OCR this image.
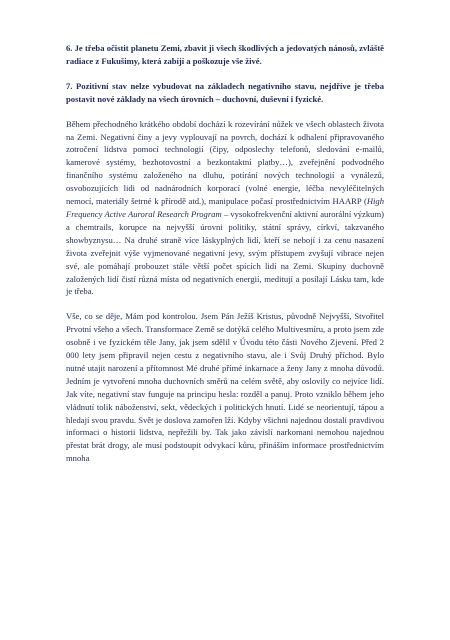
6. Je třeba očistit planetu Zemi, zbavit ji všech škodlivých a jedovatých nánosů, zvláště radiace z Fukušimy, která zabíjí a poškozuje vše živé.

7. Pozitivní stav nelze vybudovat na základech negativního stavu, nejdříve je třeba postavit nové základy na všech úrovních – duchovní, duševní i fyzické.

Během přechodného krátkého období dochází k rozevírání nůžek ve všech oblastech života na Zemi. Negativní činy a jevy vyplouvají na povrch, dochází k odhalení připravovaného zotročení lidstva pomocí technologií (čipy, odposlechy telefonů, sledování e-mailů, kamerové systémy, bezhotovostní a bezkontaktní platby…), zveřejnění podvodného finančního systému založeného na dluhu, potírání nových technologií a vynálezů, osvobozujících lidi od nadnárodních korporací (volné energie, léčba nevyléčitelných nemocí, materiály šetrné k přírodě atd.), manipulace počasí prostřednictvím HAARP (High Frequency Active Auroral Research Program – vysokofrekvenční aktivní aurorální výzkum) a chemtrails, korupce na nejvyšší úrovni politiky, státní správy, církví, takzvaného showbyznysu… Na druhé straně více láskyplných lidí, kteří se nebojí i za cenu nasazení života zveřejnit výše vyjmenované negativní jevy, svým přístupem zvyšují vibrace nejen své, ale pomáhají probouzet stále větší počet spících lidí na Zemi. Skupiny duchovně založených lidí čistí různá místa od negativních energií, meditují a posílají Lásku tam, kde je třeba.

Vše, co se děje, Mám pod kontrolou. Jsem Pán Ježíš Kristus, původně Nejvyšší, Stvořitel Prvotní všeho a všech. Transformace Země se dotýká celého Multivesmíru, a proto jsem zde osobně i ve fyzickém těle Jany, jak jsem sdělil v Úvodu této části Nového Zjevení. Před 2 000 lety jsem připravil nejen cestu z negativního stavu, ale i Svůj Druhý příchod. Bylo nutné utajit narození a přítomnost Mé druhé přímé inkarnace a ženy Jany z mnoha důvodů. Jedním je vytvoření mnoha duchovních směrů na celém světě, aby oslovily co nejvíce lidí. Jak víte, negativní stav funguje na principu hesla: rozděl a panuj. Proto vzniklo během jeho vládnutí tolik náboženství, sekt, vědeckých i politických hnutí. Lidé se neorientují, tápou a hledají svou pravdu. Svět je doslova zamořen lží. Kdyby všichni najednou dostali pravdivou informaci o historii lidstva, nepřežili by. Tak jako závislí narkomani nemohou najednou přestat brát drogy, ale musí podstoupit odvykací kůru, přináším informace prostřednictvím mnoha
